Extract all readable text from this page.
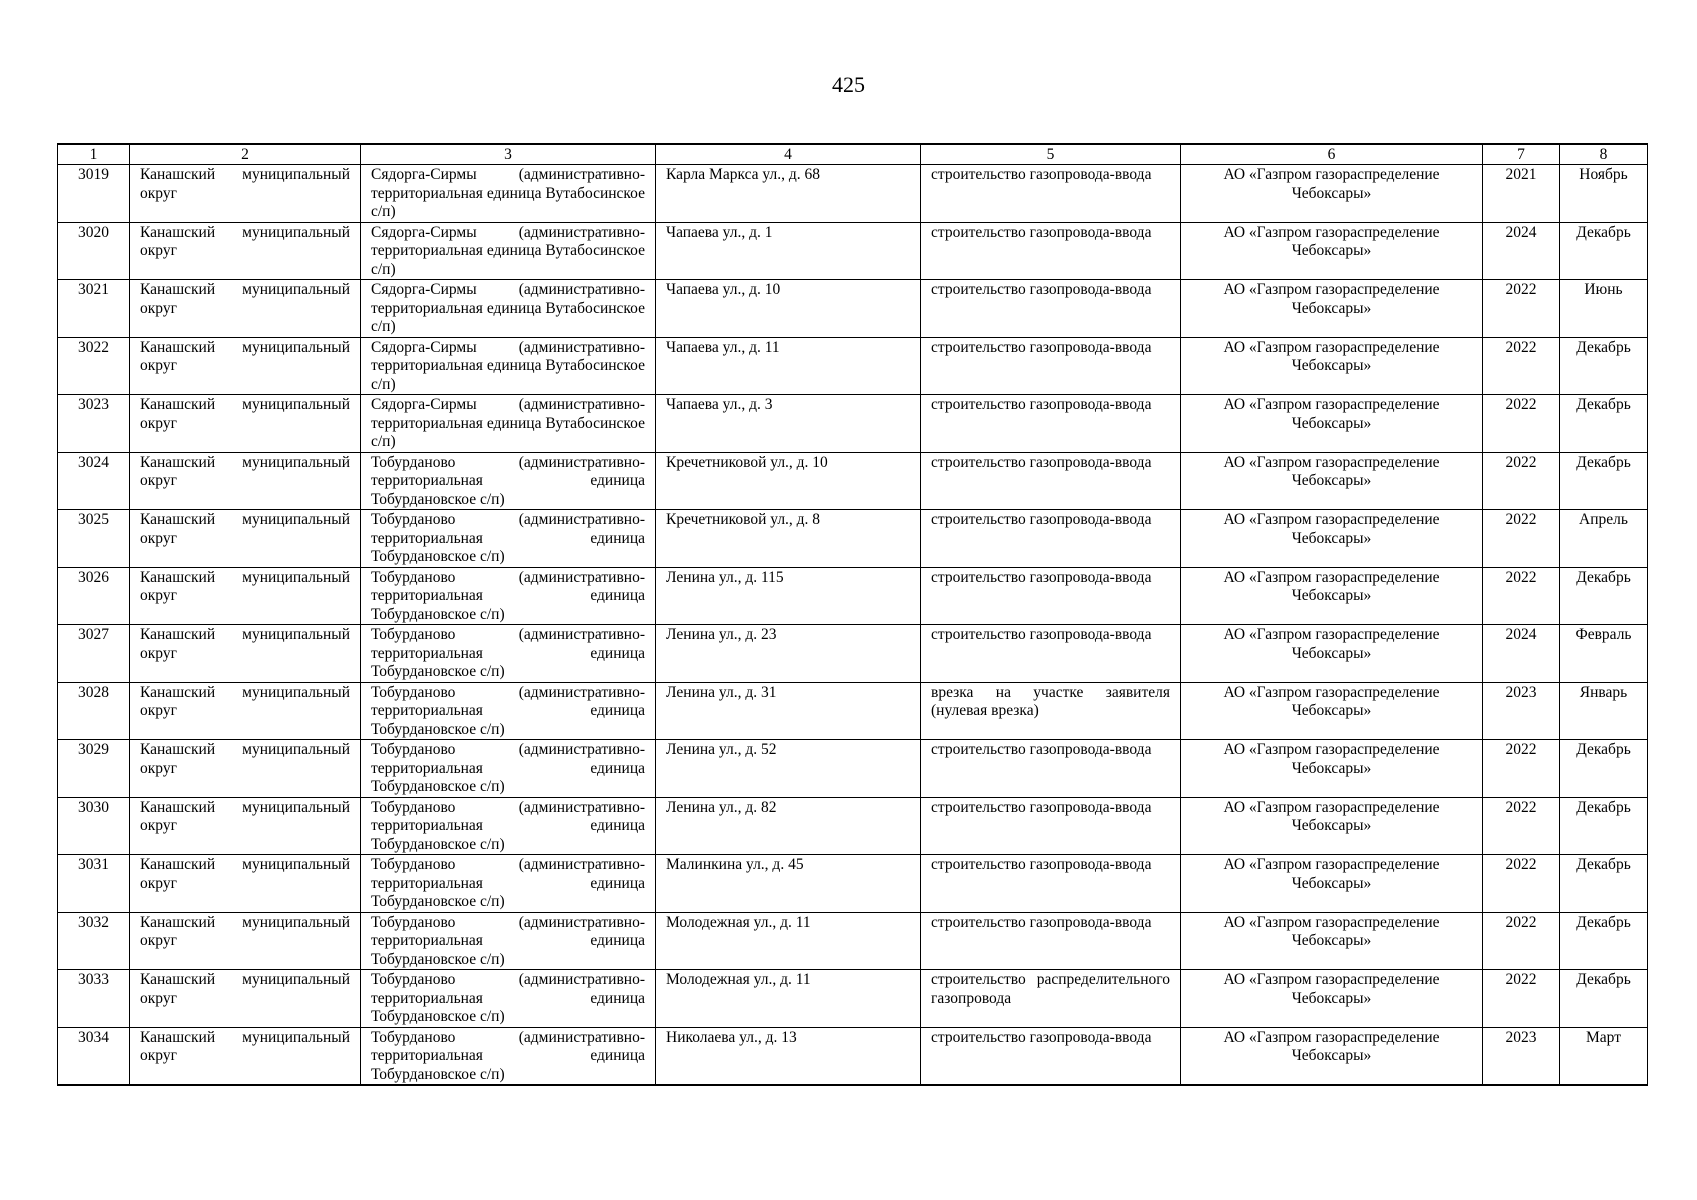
425
1	2	3	4	5	6	7	8
3019	Канашский муниципальный округ	Сядорга-Сирмы (административно-территориальная единица Вутабосинское с/п)	Карла Маркса ул., д. 68	строительство газопровода-ввода	АО «Газпром газораспределение Чебоксары»	2021	Ноябрь
3020	Канашский муниципальный округ	Сядорга-Сирмы (административно-территориальная единица Вутабосинское с/п)	Чапаева ул., д. 1	строительство газопровода-ввода	АО «Газпром газораспределение Чебоксары»	2024	Декабрь
3021	Канашский муниципальный округ	Сядорга-Сирмы (административно-территориальная единица Вутабосинское с/п)	Чапаева ул., д. 10	строительство газопровода-ввода	АО «Газпром газораспределение Чебоксары»	2022	Июнь
3022	Канашский муниципальный округ	Сядорга-Сирмы (административно-территориальная единица Вутабосинское с/п)	Чапаева ул., д. 11	строительство газопровода-ввода	АО «Газпром газораспределение Чебоксары»	2022	Декабрь
3023	Канашский муниципальный округ	Сядорга-Сирмы (административно-территориальная единица Вутабосинское с/п)	Чапаева ул., д. 3	строительство газопровода-ввода	АО «Газпром газораспределение Чебоксары»	2022	Декабрь
3024	Канашский муниципальный округ	Тобурданово (административно-территориальная единица Тобурдановское с/п)	Кречетниковой ул., д. 10	строительство газопровода-ввода	АО «Газпром газораспределение Чебоксары»	2022	Декабрь
3025	Канашский муниципальный округ	Тобурданово (административно-территориальная единица Тобурдановское с/п)	Кречетниковой ул., д. 8	строительство газопровода-ввода	АО «Газпром газораспределение Чебоксары»	2022	Апрель
3026	Канашский муниципальный округ	Тобурданово (административно-территориальная единица Тобурдановское с/п)	Ленина ул., д. 115	строительство газопровода-ввода	АО «Газпром газораспределение Чебоксары»	2022	Декабрь
3027	Канашский муниципальный округ	Тобурданово (административно-территориальная единица Тобурдановское с/п)	Ленина ул., д. 23	строительство газопровода-ввода	АО «Газпром газораспределение Чебоксары»	2024	Февраль
3028	Канашский муниципальный округ	Тобурданово (административно-территориальная единица Тобурдановское с/п)	Ленина ул., д. 31	врезка на участке заявителя (нулевая врезка)	АО «Газпром газораспределение Чебоксары»	2023	Январь
3029	Канашский муниципальный округ	Тобурданово (административно-территориальная единица Тобурдановское с/п)	Ленина ул., д. 52	строительство газопровода-ввода	АО «Газпром газораспределение Чебоксары»	2022	Декабрь
3030	Канашский муниципальный округ	Тобурданово (административно-территориальная единица Тобурдановское с/п)	Ленина ул., д. 82	строительство газопровода-ввода	АО «Газпром газораспределение Чебоксары»	2022	Декабрь
3031	Канашский муниципальный округ	Тобурданово (административно-территориальная единица Тобурдановское с/п)	Малинкина ул., д. 45	строительство газопровода-ввода	АО «Газпром газораспределение Чебоксары»	2022	Декабрь
3032	Канашский муниципальный округ	Тобурданово (административно-территориальная единица Тобурдановское с/п)	Молодежная ул., д. 11	строительство газопровода-ввода	АО «Газпром газораспределение Чебоксары»	2022	Декабрь
3033	Канашский муниципальный округ	Тобурданово (административно-территориальная единица Тобурдановское с/п)	Молодежная ул., д. 11	строительство распределительного газопровода	АО «Газпром газораспределение Чебоксары»	2022	Декабрь
3034	Канашский муниципальный округ	Тобурданово (административно-территориальная единица Тобурдановское с/п)	Николаева ул., д. 13	строительство газопровода-ввода	АО «Газпром газораспределение Чебоксары»	2023	Март
